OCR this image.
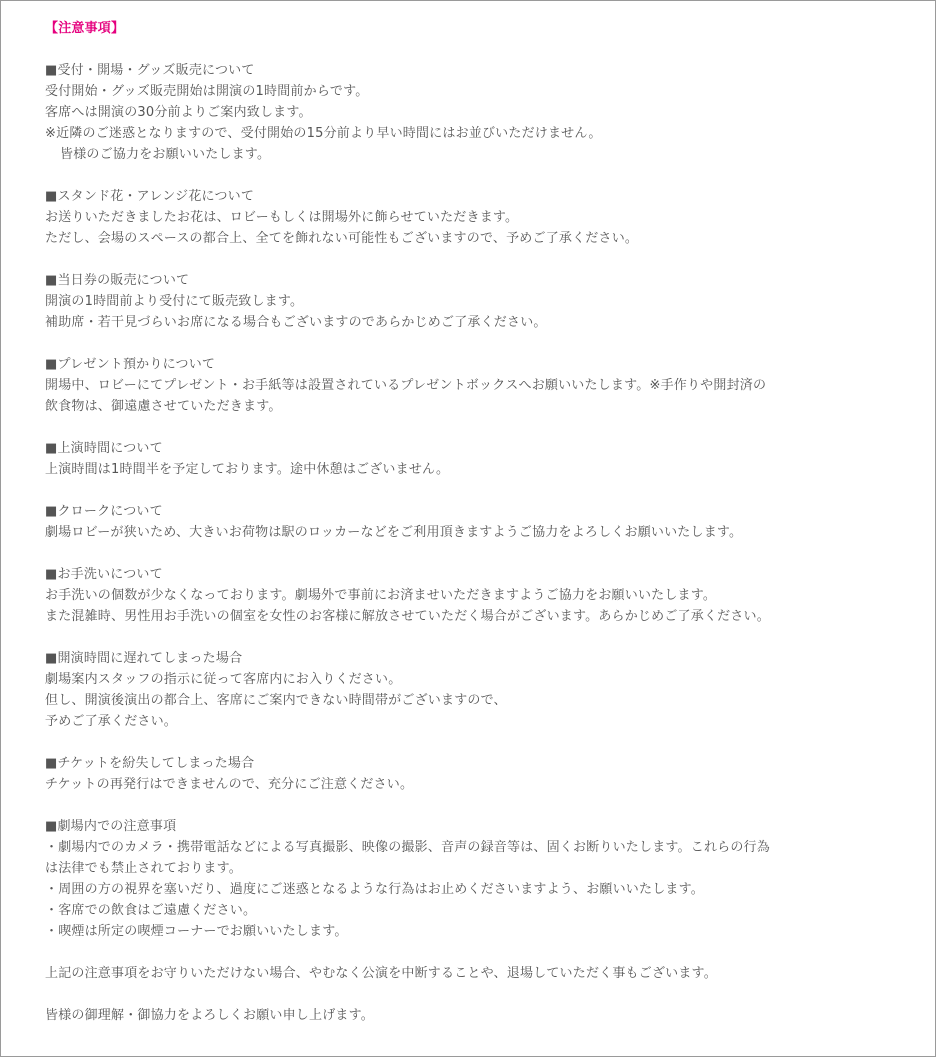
【注意事項】

■受付・開場・グッズ販売について

受付開始・グッズ販売開始は開演の1時間前からです。

客席へは開演の30分前よりご案内致します。

※近隣のご迷惑となりますので、受付開始の15分前より早い時間にはお並びいただけません。

皆様のご協力をお願いいたします。

■スタンド花・アレンジ花について

お送りいただきましたお花は、ロビーもしくは開場外に飾らせていただきます。

ただし、会場のスペースの都合上、全てを飾れない可能性もございますので、予めご了承ください。

■当日券の販売について

開演の1時間前より受付にて販売致します。

補助席・若干見づらいお席になる場合もございますのであらかじめご了承ください。

■プレゼント預かりについて

開場中、ロビーにてプレゼント・お手紙等は設置されているプレゼントボックスへお願いいたします。※手作りや開封済の

飲食物は、御遠慮させていただきます。

■上演時間について

上演時間は1時間半を予定しております。途中休憩はございません。

■クロークについて

劇場ロビーが狭いため、大きいお荷物は駅のロッカーなどをご利用頂きますようご協力をよろしくお願いいたします。

■お手洗いについて

お手洗いの個数が少なくなっております。劇場外で事前にお済ませいただきますようご協力をお願いいたします。

また混雑時、男性用お手洗いの個室を女性のお客様に解放させていただく場合がございます。あらかじめご了承ください。

■開演時間に遅れてしまった場合

劇場案内スタッフの指示に従って客席内にお入りください。

但し、開演後演出の都合上、客席にご案内できない時間帯がございますので、

予めご了承ください。

■チケットを紛失してしまった場合

チケットの再発行はできませんので、充分にご注意ください。

■劇場内での注意事項

・劇場内でのカメラ・携帯電話などによる写真撮影、映像の撮影、音声の録音等は、固くお断りいたします。これらの行為

は法律でも禁止されております。

・周囲の方の視界を塞いだり、過度にご迷惑となるような行為はお止めくださいますよう、お願いいたします。

・客席での飲食はご遠慮ください。

・喫煙は所定の喫煙コーナーでお願いいたします。

上記の注意事項をお守りいただけない場合、やむなく公演を中断することや、退場していただく事もございます。

皆様の御理解・御協力をよろしくお願い申し上げます。
